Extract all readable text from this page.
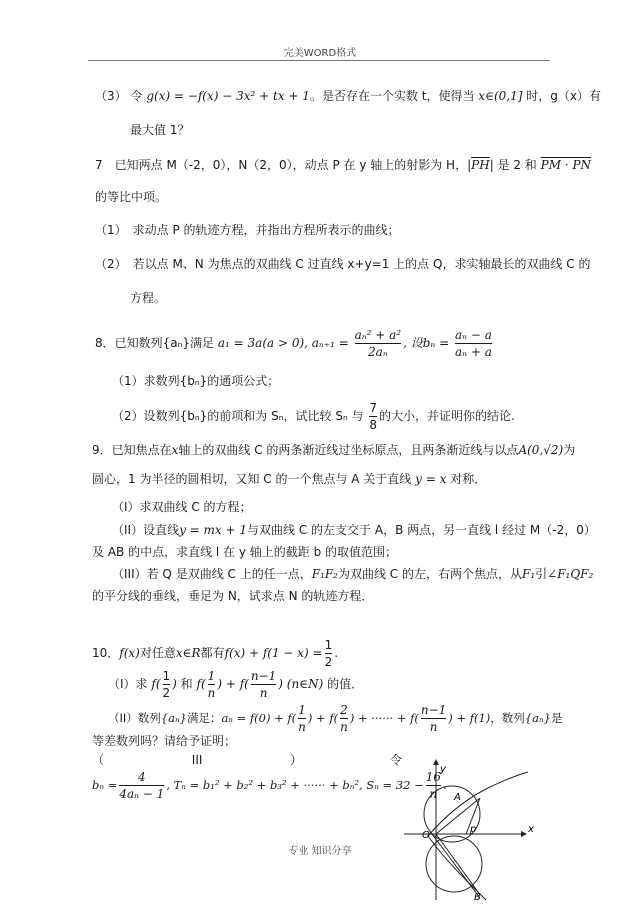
完美WORD格式
（3） 令 g(x) = −f(x) − 3x² + tx + 1。是否存在一个实数 t，使得当 x∈(0,1] 时，g（x）有
最大值 1？
7　已知两点 M（-2，0），N（2，0），动点 P 在 y 轴上的射影为 H，$|\overline{PH}|$ 是 2 和 PM · PN
的等比中项。
（1）　求动点 P 的轨迹方程，并指出方程所表示的曲线；
（2）　若以点 M、N 为焦点的双曲线 C 过直线 x+y=1 上的点 Q，求实轴最长的双曲线 C 的
方程。
8．已知数列{aₙ}满足 a₁ = 3a(a > 0), $a_{n+1} = \frac{\text{aₙ² + a²}}{\text{2aₙ}}$ , 设$b_n = \frac{\text{aₙ − a}}{\text{aₙ + a}}$
（1）求数列{bₙ}的通项公式；
（2）设数列{bₙ}的前项和为 Sₙ，试比较 Sₙ 与 $\frac{7}{8}$ 的大小，并证明你的结论.
9．已知焦点在x轴上的双曲线 C 的两条渐近线过坐标原点，且两条渐近线与以点A(0,√2)为
圆心，1 为半径的圆相切，又知 C 的一个焦点与 A 关于直线 y = x 对称．
（I）求双曲线 C 的方程；
（II）设直线y = mx + 1与双曲线 C 的左支交于 A，B 两点，另一直线 l 经过 M（-2，0）
及 AB 的中点，求直线 l 在 y 轴上的截距 b 的取值范围；
（III）若 Q 是双曲线 C 上的任一点，F₁F₂为双曲线 C 的左，右两个焦点，从F₁引∠F₁QF₂
的平分线的垂线，垂足为 N，试求点 N 的轨迹方程．
10．f(x)对任意x∈R都有$f(x) + f(1 - x) = \frac{1}{2}$ .
（I）求 $f( \frac{1}{2}$ ) 和 $f( \frac{1}{n}$ ) + $f( \frac{n-1}{n}$ ) (n∈N) 的值．
（II）数列{aₙ}满足：$a_n = f(0) + f( \frac{1}{n}$ ) + $f( \frac{2}{n}$ ) + ······ + $f( \frac{n-1}{n}$ ) + f(1)，数列{aₙ}是
等差数列吗？请给予证明；
（	III	）	令
$b_n = \frac{4}{\text{4aₙ − 1}}$ , Tₙ = b₁² + b₂² + b₃² + ······ + bₙ², $S_n = 32 - \frac{16}{n}$ .
y
x
O
A
p
B
专业 知识分享
